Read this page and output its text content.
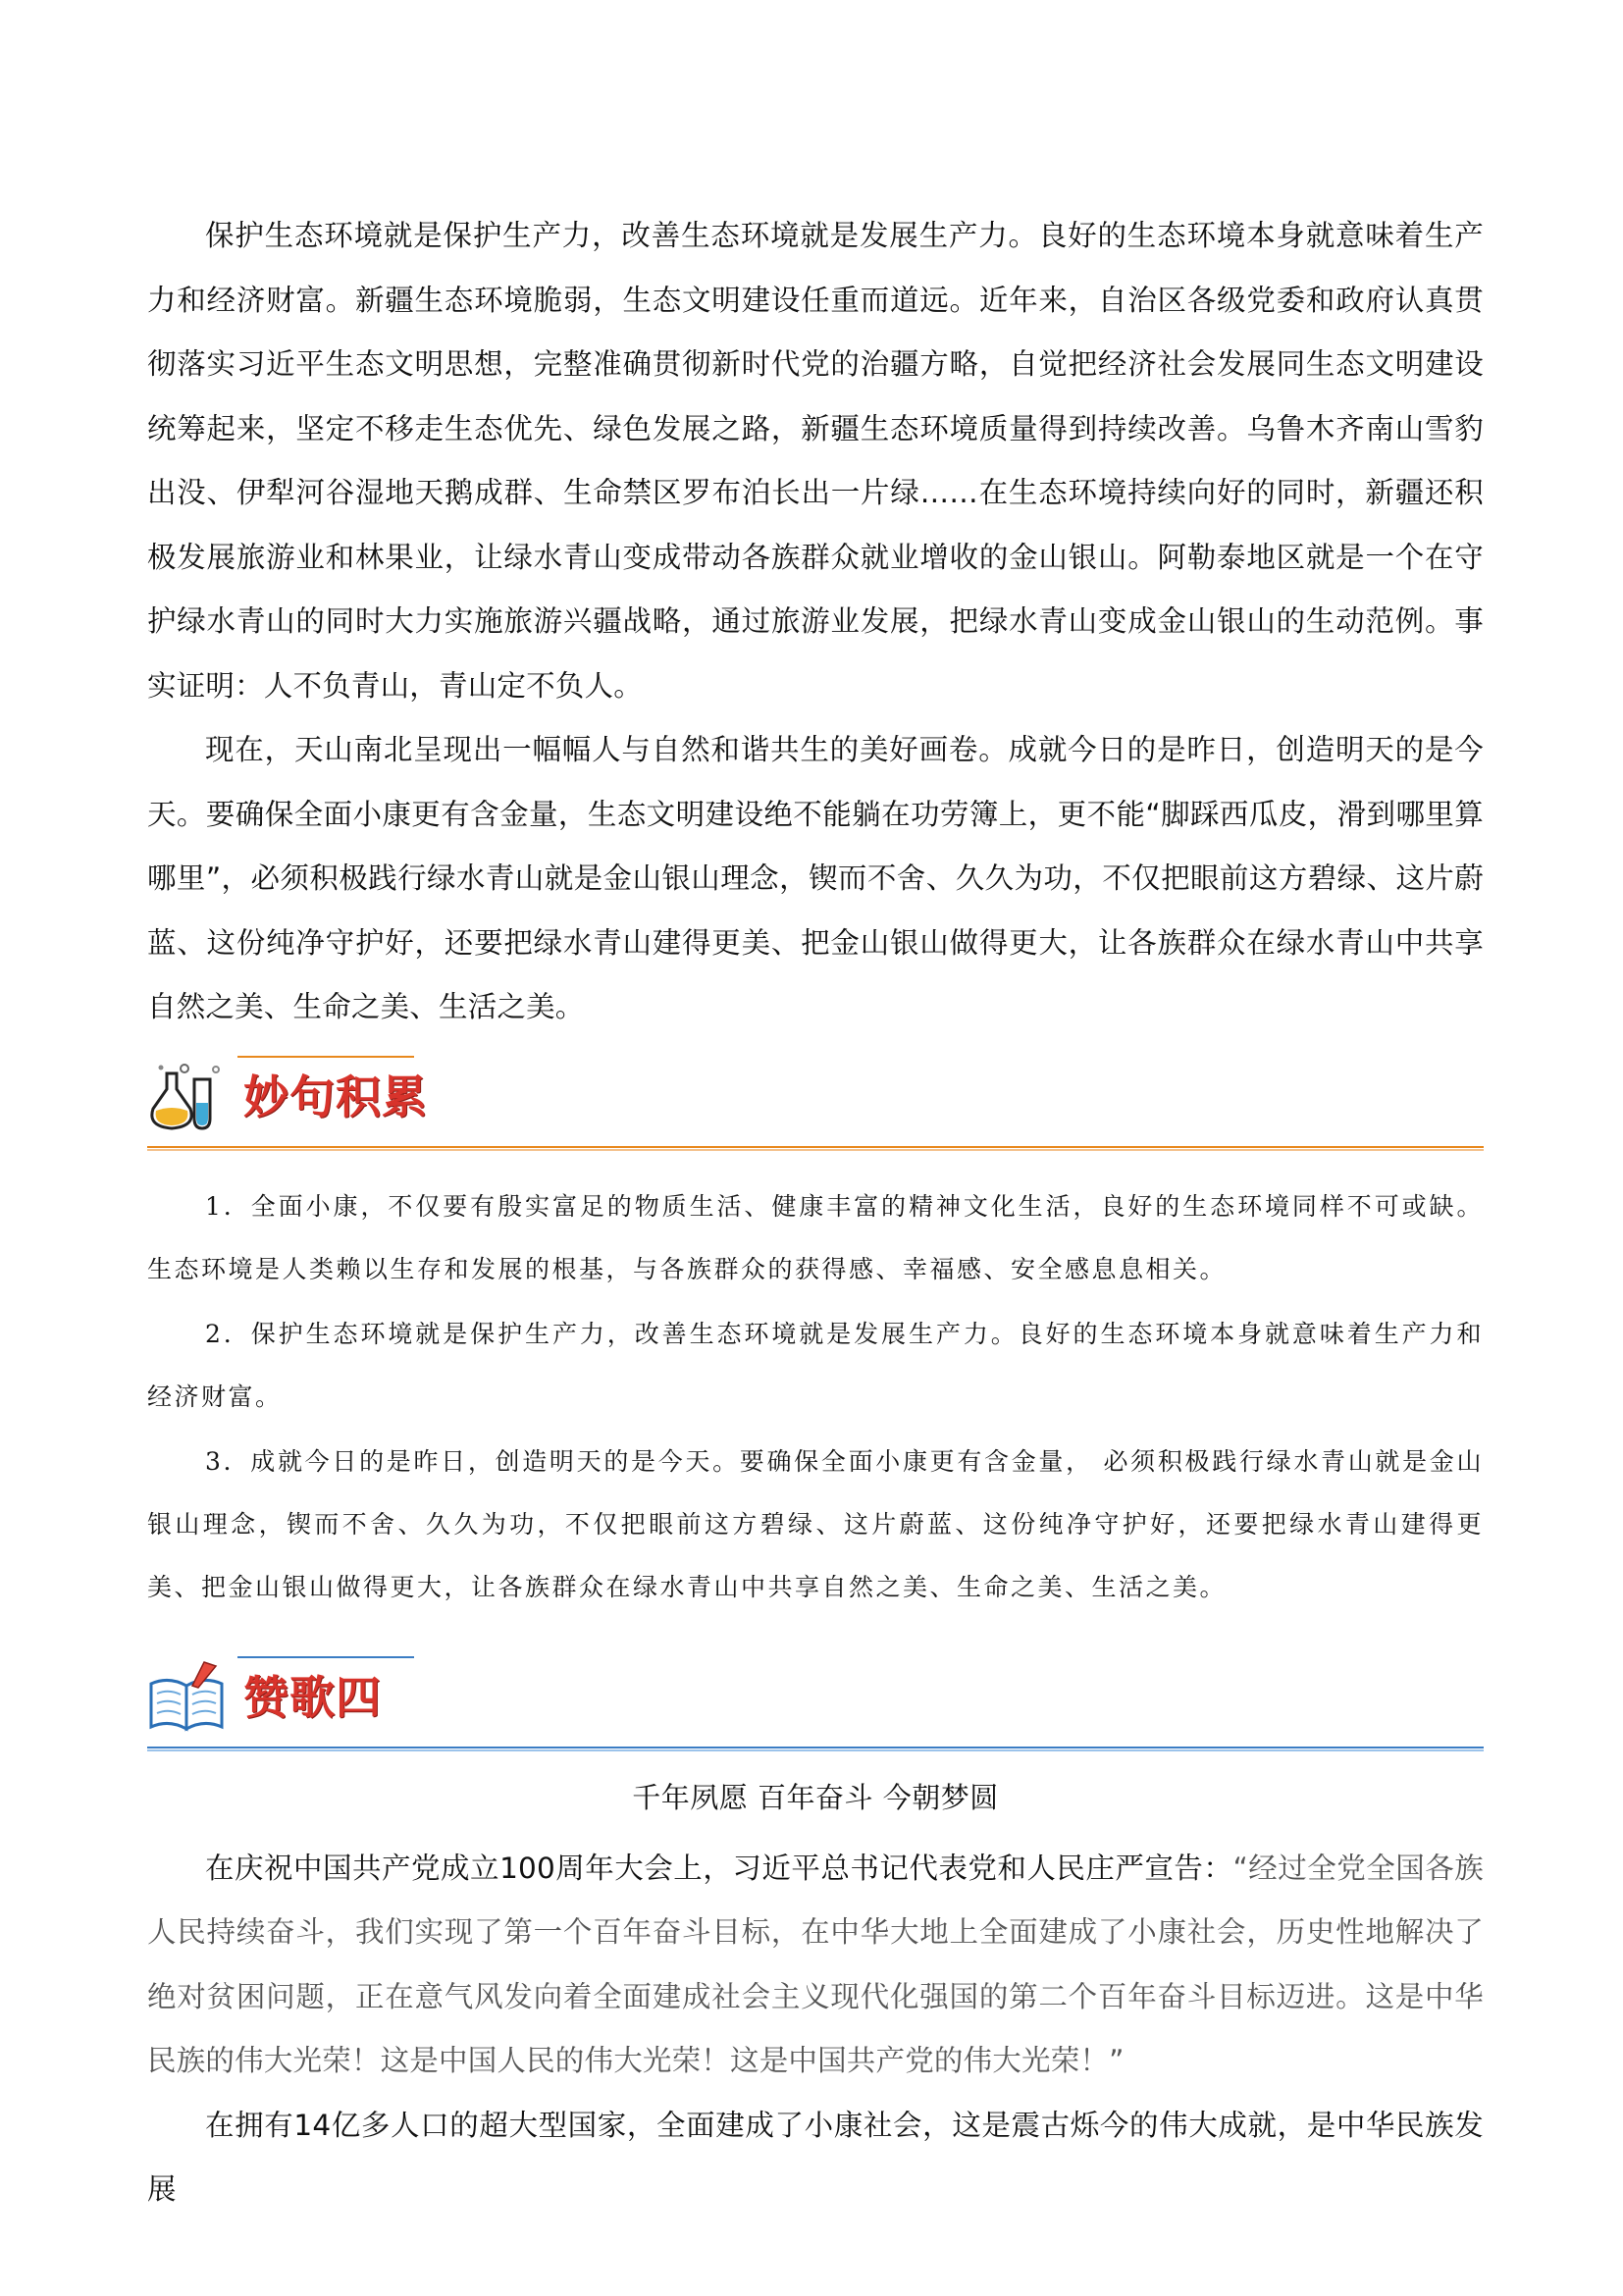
保护生态环境就是保护生产力，改善生态环境就是发展生产力。良好的生态环境本身就意味着生产力和经济财富。新疆生态环境脆弱，生态文明建设任重而道远。近年来，自治区各级党委和政府认真贯彻落实习近平生态文明思想，完整准确贯彻新时代党的治疆方略，自觉把经济社会发展同生态文明建设统筹起来，坚定不移走生态优先、绿色发展之路，新疆生态环境质量得到持续改善。乌鲁木齐南山雪豹出没、伊犁河谷湿地天鹅成群、生命禁区罗布泊长出一片绿……在生态环境持续向好的同时，新疆还积极发展旅游业和林果业，让绿水青山变成带动各族群众就业增收的金山银山。阿勒泰地区就是一个在守护绿水青山的同时大力实施旅游兴疆战略，通过旅游业发展，把绿水青山变成金山银山的生动范例。事实证明：人不负青山，青山定不负人。

现在，天山南北呈现出一幅幅人与自然和谐共生的美好画卷。成就今日的是昨日，创造明天的是今天。要确保全面小康更有含金量，生态文明建设绝不能躺在功劳簿上，更不能“脚踩西瓜皮，滑到哪里算哪里”，必须积极践行绿水青山就是金山银山理念，锲而不舍、久久为功，不仅把眼前这方碧绿、这片蔚蓝、这份纯净守护好，还要把绿水青山建得更美、把金山银山做得更大，让各族群众在绿水青山中共享自然之美、生命之美、生活之美。

妙句积累

1．全面小康，不仅要有殷实富足的物质生活、健康丰富的精神文化生活，良好的生态环境同样不可或缺。生态环境是人类赖以生存和发展的根基，与各族群众的获得感、幸福感、安全感息息相关。

2．保护生态环境就是保护生产力，改善生态环境就是发展生产力。良好的生态环境本身就意味着生产力和经济财富。

3．成就今日的是昨日，创造明天的是今天。要确保全面小康更有含金量， 必须积极践行绿水青山就是金山银山理念，锲而不舍、久久为功，不仅把眼前这方碧绿、这片蔚蓝、这份纯净守护好，还要把绿水青山建得更美、把金山银山做得更大，让各族群众在绿水青山中共享自然之美、生命之美、生活之美。

赞歌四
千年夙愿 百年奋斗 今朝梦圆

在庆祝中国共产党成立100周年大会上，习近平总书记代表党和人民庄严宣告：“经过全党全国各族人民持续奋斗，我们实现了第一个百年奋斗目标，在中华大地上全面建成了小康社会，历史性地解决了绝对贫困问题，正在意气风发向着全面建成社会主义现代化强国的第二个百年奋斗目标迈进。这是中华民族的伟大光荣！这是中国人民的伟大光荣！这是中国共产党的伟大光荣！”

在拥有14亿多人口的超大型国家，全面建成了小康社会，这是震古烁今的伟大成就，是中华民族发展
